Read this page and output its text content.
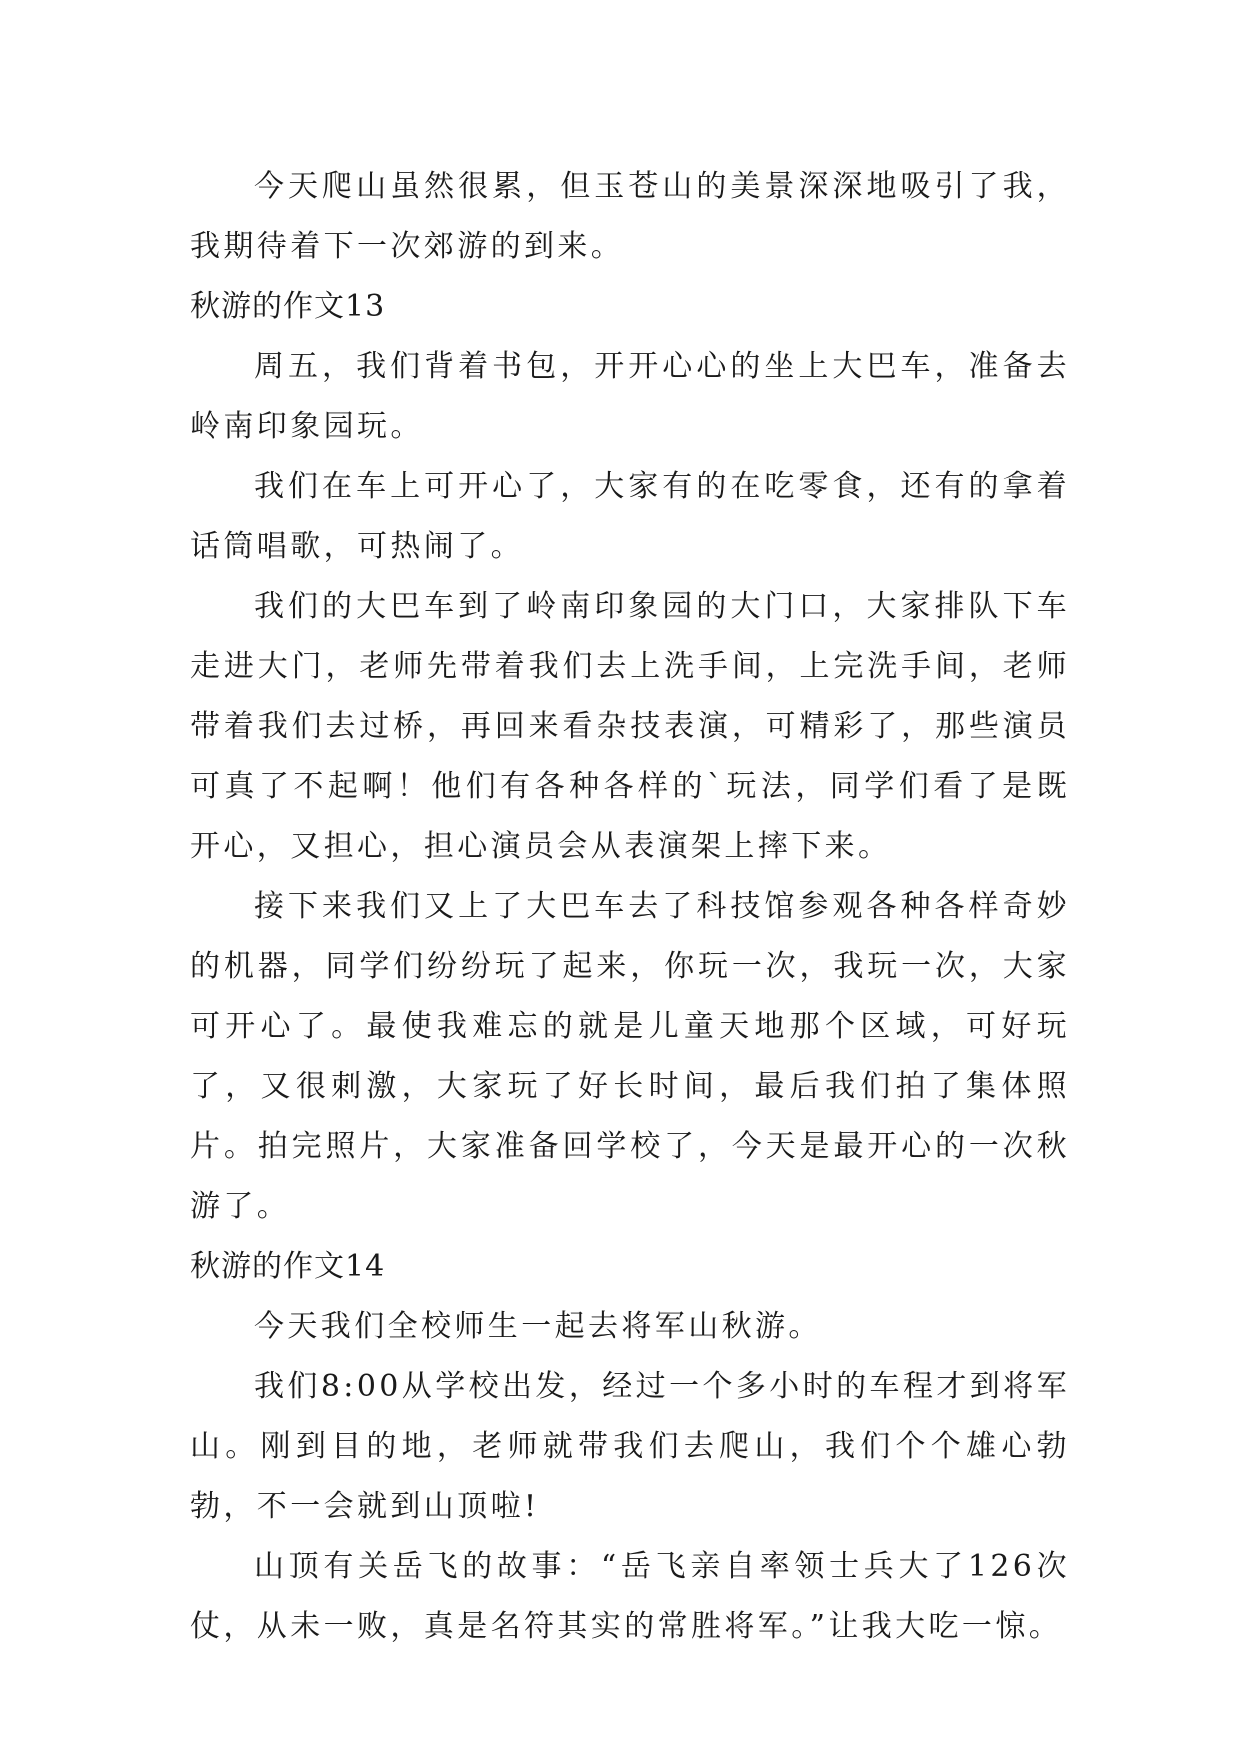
今天爬山虽然很累，但玉苍山的美景深深地吸引了我，我期待着下一次郊游的到来。

秋游的作文13

周五，我们背着书包，开开心心的坐上大巴车，准备去岭南印象园玩。

我们在车上可开心了，大家有的在吃零食，还有的拿着话筒唱歌，可热闹了。

我们的大巴车到了岭南印象园的大门口，大家排队下车走进大门，老师先带着我们去上洗手间，上完洗手间，老师带着我们去过桥，再回来看杂技表演，可精彩了，那些演员可真了不起啊！他们有各种各样的`玩法，同学们看了是既开心，又担心，担心演员会从表演架上摔下来。

接下来我们又上了大巴车去了科技馆参观各种各样奇妙的机器，同学们纷纷玩了起来，你玩一次，我玩一次，大家可开心了。最使我难忘的就是儿童天地那个区域，可好玩了，又很刺激，大家玩了好长时间，最后我们拍了集体照片。拍完照片，大家准备回学校了，今天是最开心的一次秋游了。

秋游的作文14

今天我们全校师生一起去将军山秋游。

我们8:00从学校出发，经过一个多小时的车程才到将军山。刚到目的地，老师就带我们去爬山，我们个个雄心勃勃，不一会就到山顶啦!

山顶有关岳飞的故事：“岳飞亲自率领士兵大了126次仗，从未一败，真是名符其实的常胜将军。”让我大吃一惊。
